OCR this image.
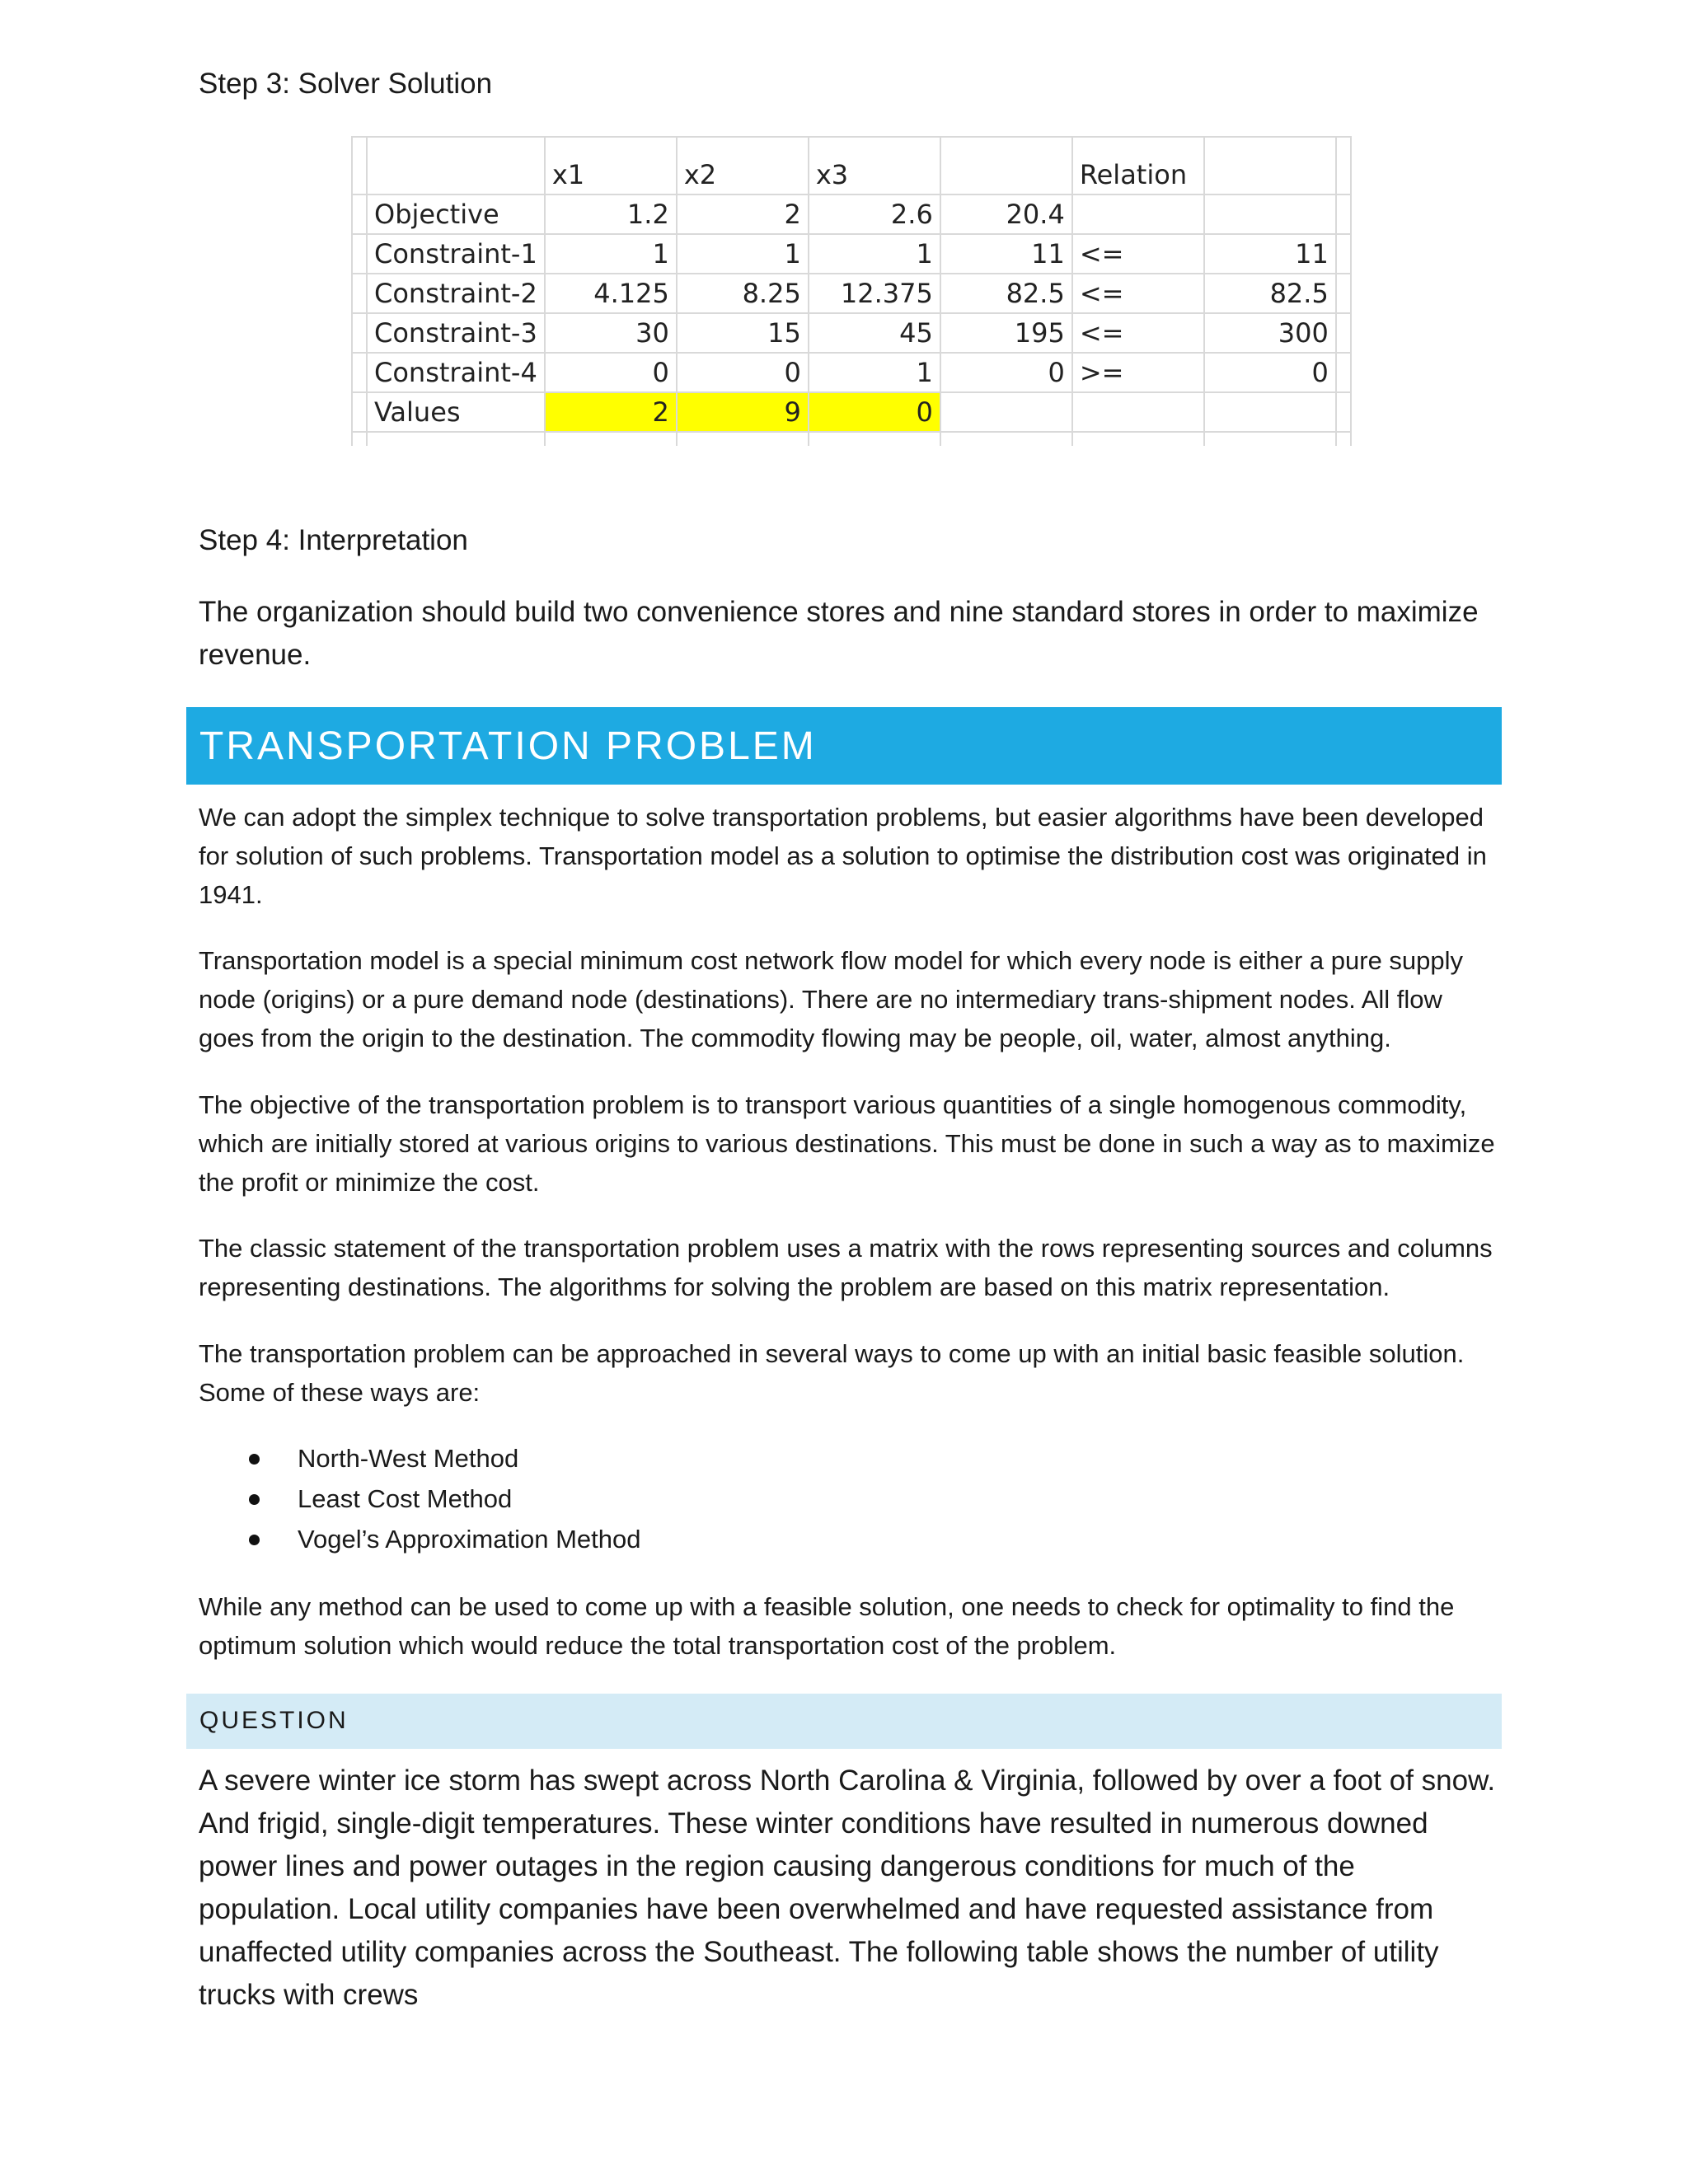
Step 3: Solver Solution
		x1	x2	x3		Relation		
	Objective	1.2	2	2.6	20.4			
	Constraint-1	1	1	1	11	<=	11	
	Constraint-2	4.125	8.25	12.375	82.5	<=	82.5	
	Constraint-3	30	15	45	195	<=	300	
	Constraint-4	0	0	1	0	>=	0	
	Values	2	9	0				

Step 4: Interpretation
The organization should build two convenience stores and nine standard stores in order to maximize revenue.
TRANSPORTATION PROBLEM
We can adopt the simplex technique to solve transportation problems, but easier algorithms have been developed for solution of such problems. Transportation model as a solution to optimise the distribution cost was originated in 1941.
Transportation model is a special minimum cost network flow model for which every node is either a pure supply node (origins) or a pure demand node (destinations). There are no intermediary trans-shipment nodes. All flow goes from the origin to the destination. The commodity flowing may be people, oil, water, almost anything.
The objective of the transportation problem is to transport various quantities of a single homogenous commodity, which are initially stored at various origins to various destinations. This must be done in such a way as to maximize the profit or minimize the cost.
The classic statement of the transportation problem uses a matrix with the rows representing sources and columns representing destinations. The algorithms for solving the problem are based on this matrix representation.
The transportation problem can be approached in several ways to come up with an initial basic feasible solution. Some of these ways are:
North-West Method
Least Cost Method
Vogel’s Approximation Method
While any method can be used to come up with a feasible solution, one needs to check for optimality to find the optimum solution which would reduce the total transportation cost of the problem.
QUESTION
A severe winter ice storm has swept across North Carolina & Virginia, followed by over a foot of snow. And frigid, single-digit temperatures. These winter conditions have resulted in numerous downed power lines and power outages in the region causing dangerous conditions for much of the population. Local utility companies have been overwhelmed and have requested assistance from unaffected utility companies across the Southeast. The following table shows the number of utility trucks with crews
